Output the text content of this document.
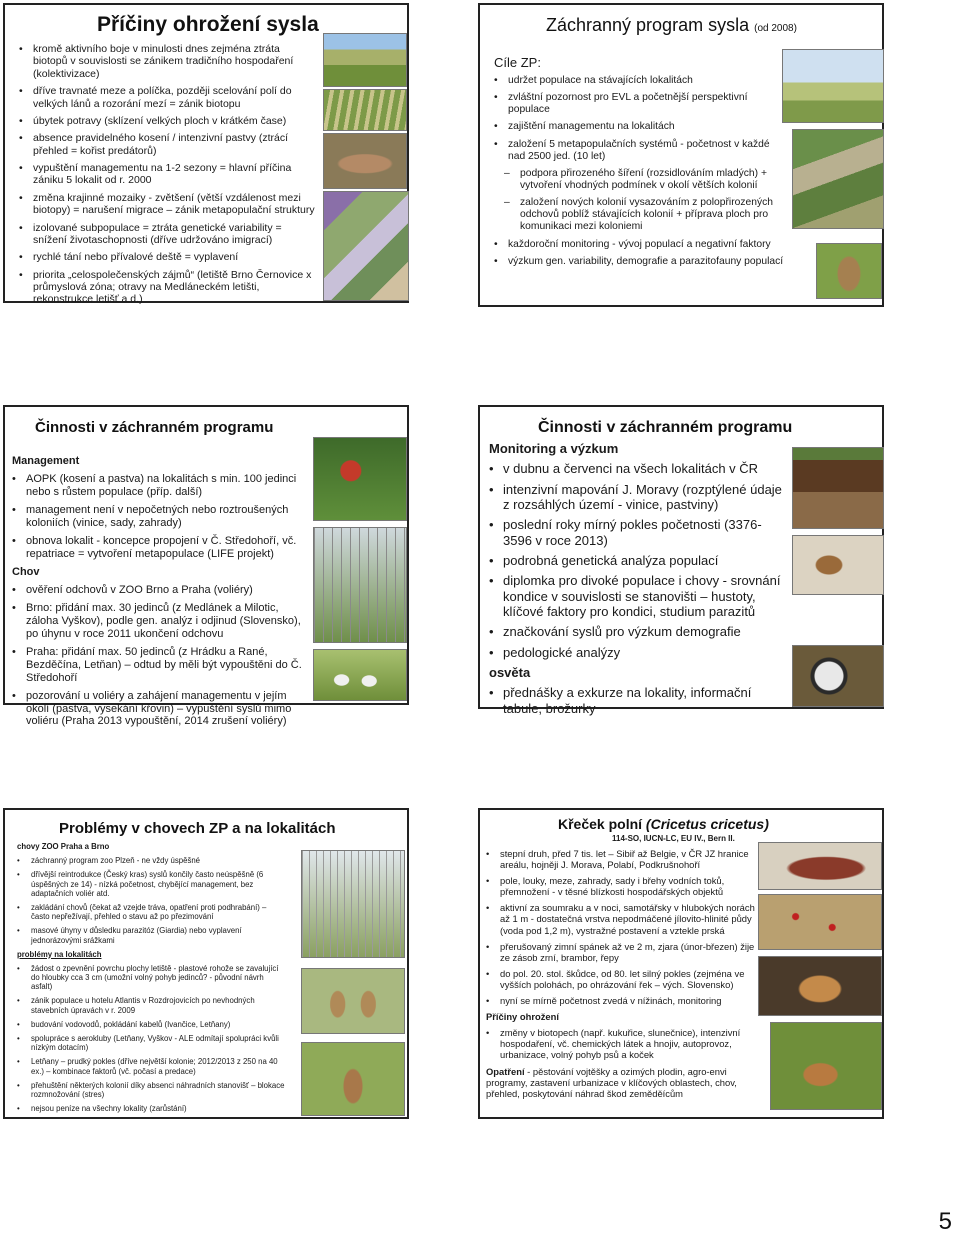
Příčiny ohrožení sysla
• kromě aktivního boje v minulosti dnes zejména ztráta biotopů v souvislosti se zánikem tradičního hospodaření (kolektivizace)
• dříve travnaté meze a políčka, později scelování polí do velkých lánů a rozorání mezí = zánik biotopu
• úbytek potravy (sklízení velkých ploch v krátkém čase)
• absence pravidelného kosení / intenzivní pastvy (ztrácí přehled = kořist predátorů)
• vypuštění managementu na 1-2 sezony = hlavní příčina zániku 5 lokalit od r. 2000
• změna krajinné mozaiky - zvětšení (větší vzdálenost mezi biotopy) = narušení migrace – zánik metapopulační struktury
• izolované subpopulace = ztráta genetické variability = snížení životaschopnosti (dříve udržováno imigrací)
• rychlé tání nebo přívalové deště = vyplavení
• priorita „celospolečenských zájmů“ (letiště Brno Černovice x průmyslová zóna; otravy na Medláneckém letišti, rekonstrukce letišť a d.)
Záchranný program sysla (od 2008)
Cíle ZP:
• udržet populace na stávajících lokalitách
• zvláštní pozornost pro EVL a početnější perspektivní populace
• zajištění managementu na lokalitách
• založení 5 metapopulačních systémů - početnost v každé nad 2500 jed. (10 let)
– podpora přirozeného šíření (rozsidlováním mladých) + vytvoření vhodných podmínek v okolí větších kolonií
– založení nových kolonií vysazováním z polopřirozených odchovů poblíž stávajících kolonií + příprava ploch pro komunikaci mezi koloniemi
• každoroční monitoring - vývoj populací a negativní faktory
• výzkum gen. variability, demografie a parazitofauny populací
Činnosti v záchranném programu
Management
• AOPK (kosení a pastva) na lokalitách s min. 100 jedinci nebo s růstem populace (příp. další)
• management není v nepočetných nebo roztroušených koloniích (vinice, sady, zahrady)
• obnova lokalit - koncepce propojení v Č. Středohoří, vč. repatriace = vytvoření metapopulace (LIFE projekt)
Chov
• ověření odchovů v ZOO Brno a Praha (voliéry)
• Brno: přidání max. 30 jedinců (z Medlánek a Milotic, záloha Vyškov), podle gen. analýz i odjinud (Slovensko), po úhynu v roce 2011 ukončení odchovu
• Praha: přidání max. 50 jedinců (z Hrádku a Rané, Bezděčína, Letňan) – odtud by měli být vypouštěni do Č. Středohoří
• pozorování u voliéry a zahájení managementu v jejím okolí (pastva, vysekání křovin) – vypuštění syslů mimo voliéru (Praha 2013 vypouštění, 2014 zrušení voliéry)
Činnosti v záchranném programu
Monitoring a výzkum
• v dubnu a červenci na všech lokalitách v ČR
• intenzivní mapování J. Moravy (rozptýlené údaje z rozsáhlých území - vinice, pastviny)
• poslední roky mírný pokles početnosti (3376-3596 v roce 2013)
• podrobná genetická analýza populací
• diplomka pro divoké populace i chovy - srovnání kondice v souvislosti se stanovišti – hustoty, klíčové faktory pro kondici, studium parazitů
• značkování syslů pro výzkum demografie
• pedologické analýzy
osvěta
• přednášky a exkurze na lokality, informační tabule, brožurky
Problémy v chovech ZP a na lokalitách
chovy ZOO Praha a Brno
• záchranný program zoo Plzeň - ne vždy úspěšné
• dřívější reintrodukce (Český kras) syslů končily často neúspěšně (6 úspěšných ze 14) - nízká početnost, chybějící management, bez adaptačních voliér atd.
• zakládání chovů (čekat až vzejde tráva, opatření proti podhrabání) – často nepřežívají, přehled o stavu až po přezimování
• masové úhyny v důsledku parazitóz (Giardia) nebo vyplavení jednorázovými srážkami
problémy na lokalitách
• žádost o zpevnění povrchu plochy letiště - plastové rohože se zavalující do hloubky cca 3 cm (umožní volný pohyb jedinců? - původní návrh asfalt)
• zánik populace u hotelu Atlantis v Rozdrojovicích po nevhodných stavebních úpravách v r. 2009
• budování vodovodů, pokládání kabelů (Ivančice, Letňany)
• spolupráce s aerokluby (Letňany, Vyškov - ALE odmítají spolupráci kvůli nízkým dotacím)
• Letňany – prudký pokles (dříve největší kolonie; 2012/2013 z 250 na 40 ex.) – kombinace faktorů (vč. počasí a predace)
• přehuštění některých kolonií díky absenci náhradních stanovišť – blokace rozmnožování (stres)
• nejsou peníze na všechny lokality (zarůstání)
Křeček polní (Cricetus cricetus)
114-SO, IUCN-LC, EU IV., Bern II.
• stepní druh, před 7 tis. let – Sibiř až Belgie, v ČR JZ hranice areálu, hojněji J. Morava, Polabí, Podkrušnohoří
• pole, louky, meze, zahrady, sady i břehy vodních toků, přemnožení - v těsné blízkosti hospodářských objektů
• aktivní za soumraku a v noci, samotářsky v hlubokých norách až 1 m - dostatečná vrstva nepodmáčené jílovito-hlinité půdy (voda pod 1,2 m), vystražné postavení a vztekle prská
• přerušovaný zimní spánek až ve 2 m, zjara (únor-březen) žije ze zásob zrní, brambor, řepy
• do pol. 20. stol. škůdce, od 80. let silný pokles (zejména ve vyšších polohách, po ohrázování řek – vých. Slovensko)
• nyní se mírně početnost zvedá v nížinách, monitoring
Příčiny ohrožení
• změny v biotopech (např. kukuřice, slunečnice), intenzivní hospodaření, vč. chemických látek a hnojiv, autoprovoz, urbanizace, volný pohyb psů a koček
Opatření - pěstování vojtěšky a ozimých plodin, agro-envi programy, zastavení urbanizace v klíčových oblastech, chov, přehled, poskytování náhrad škod zeměděícům
5
